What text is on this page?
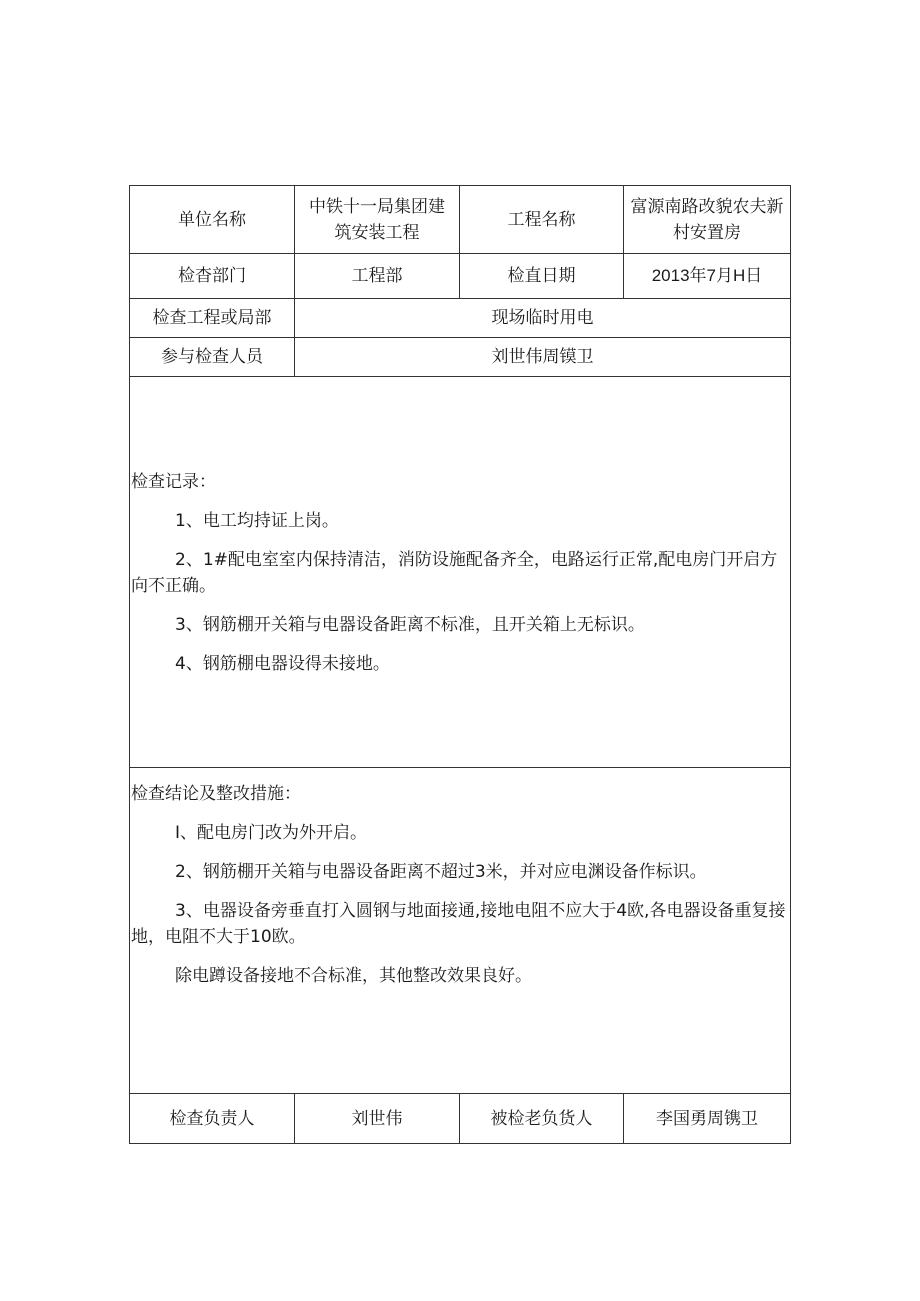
单位名称	中铁十一局集团建筑安装工程	工程名称	富源南路改貌农夫新村安置房
检杳部门	工程部	检直日期	2013年7月H日
检查工程或局部	现场临时用电		
参与检查人员	刘世伟周镆卫		

检查记录：

1、电工均持证上岗。

2、1#配电室室内保持清洁，消防设施配备齐全，电路运行正常,配电房门开启方向不正确。

3、钢筋棚开关箱与电器设备距离不标准，且开关箱上无标识。

4、钢筋棚电器设得未接地。			

检查结论及整改措施：

I、配电房门改为外开启。

2、钢筋棚开关箱与电器设备距离不超过3米，并对应电渊设备作标识。

3、电器设备旁垂直打入圆钢与地面接通,接地电阻不应大于4欧,各电器设备重复接地，电阻不大于10欧。

除电蹲设备接地不合标准，其他整改效果良好。			

检查负责人	刘世伟	被检老负货人	李国勇周镌卫
